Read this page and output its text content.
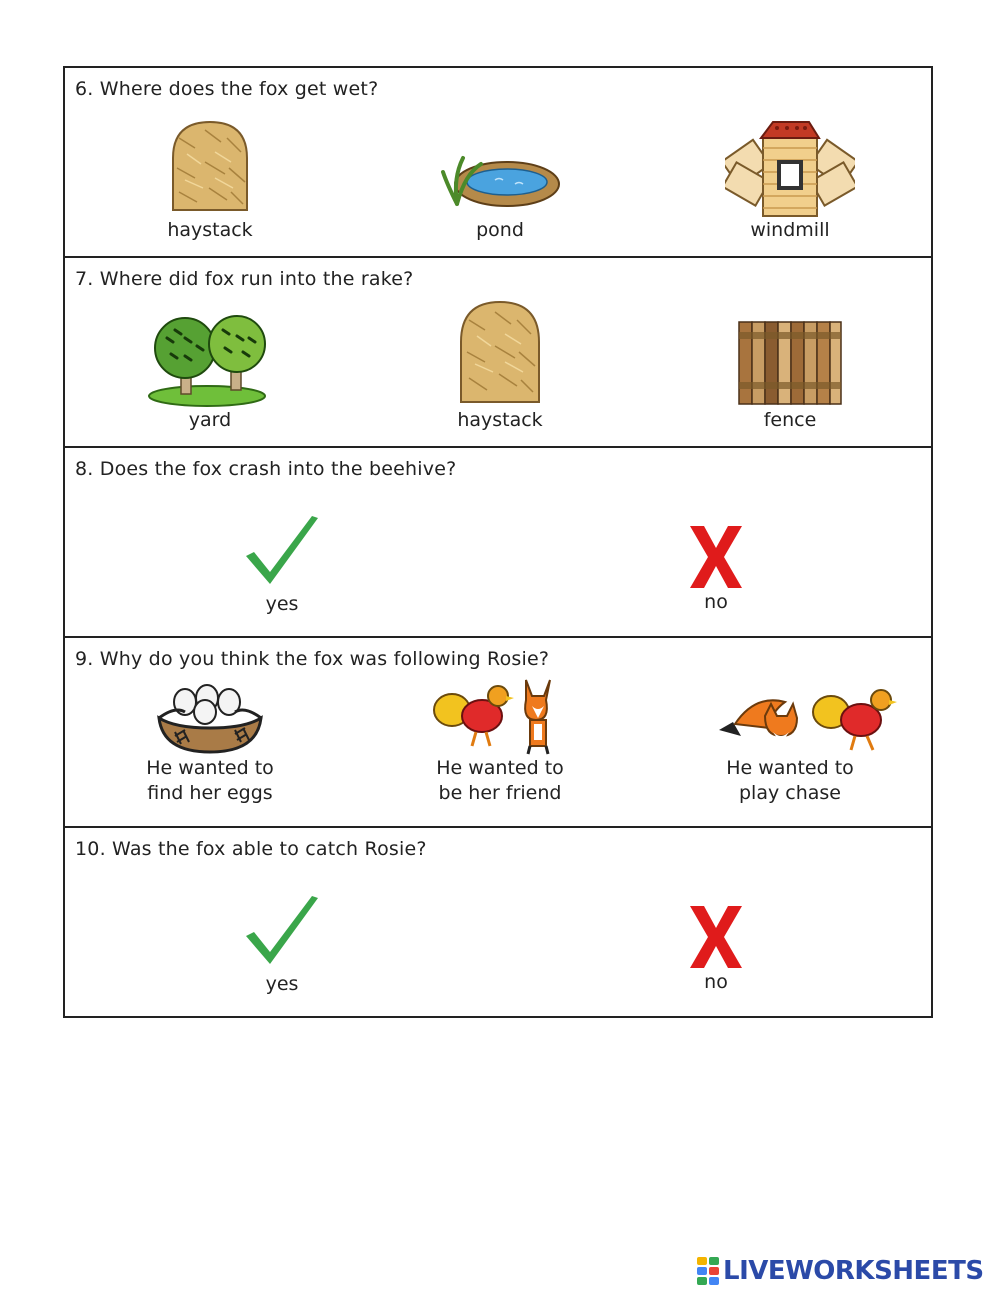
6. Where does the fox get wet?
haystack	pond	windmill
7. Where did fox run into the rake?
yard	haystack	fence
8. Does the fox crash into the beehive?
yes	no
9. Why do you think the fox was following Rosie?
He wanted to
find her eggs
He wanted to
be her friend
He wanted to
play chase
10. Was the fox able to catch Rosie?
yes	no
LIVEWORKSHEETS
